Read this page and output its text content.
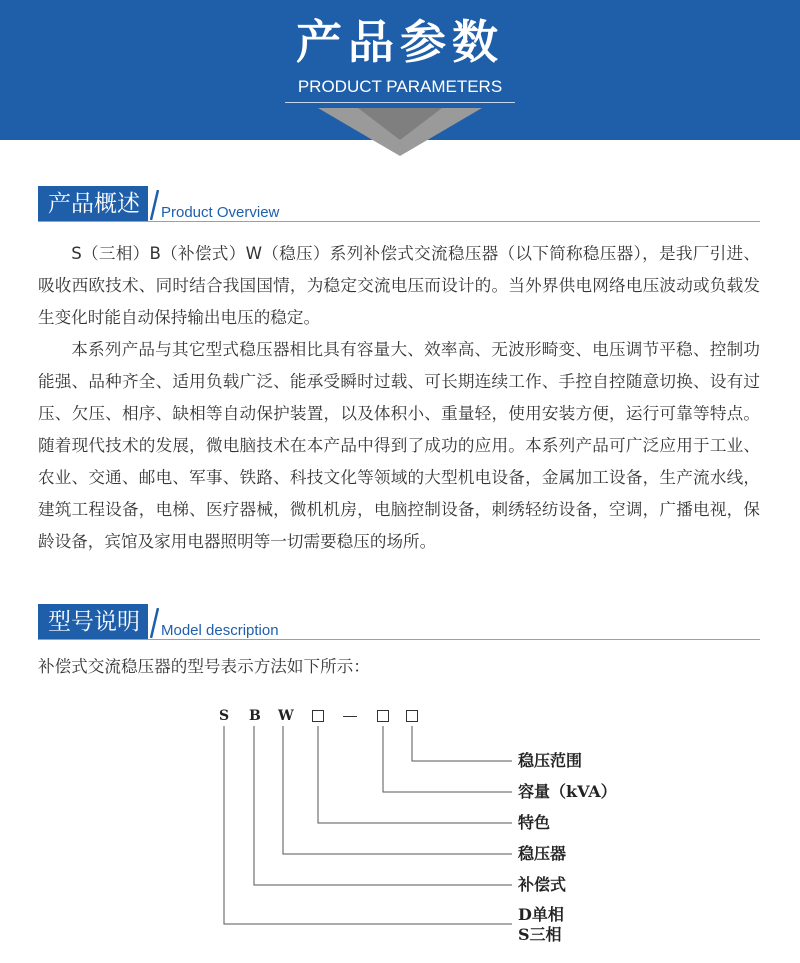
产品参数
PRODUCT PARAMETERS
产品概述	Product Overview

S（三相）B（补偿式）W（稳压）系列补偿式交流稳压器（以下简称稳压器），是我厂引进、吸收西欧技术、同时结合我国国情，为稳定交流电压而设计的。当外界供电网络电压波动或负载发生变化时能自动保持输出电压的稳定。

本系列产品与其它型式稳压器相比具有容量大、效率高、无波形畸变、电压调节平稳、控制功能强、品种齐全、适用负载广泛、能承受瞬时过载、可长期连续工作、手控自控随意切换、设有过压、欠压、相序、缺相等自动保护装置，以及体积小、重量轻，使用安装方便，运行可靠等特点。随着现代技术的发展，微电脑技术在本产品中得到了成功的应用。本系列产品可广泛应用于工业、农业、交通、邮电、军事、铁路、科技文化等领域的大型机电设备，金属加工设备，生产流水线，建筑工程设备，电梯、医疗器械，微机机房，电脑控制设备，刺绣轻纺设备，空调，广播电视，保龄设备，宾馆及家用电器照明等一切需要稳压的场所。

型号说明	Model description
补偿式交流稳压器的型号表示方法如下所示：
S B W
稳压范围
容量（kVA）
特色
稳压器
补偿式
D单相
S三相
